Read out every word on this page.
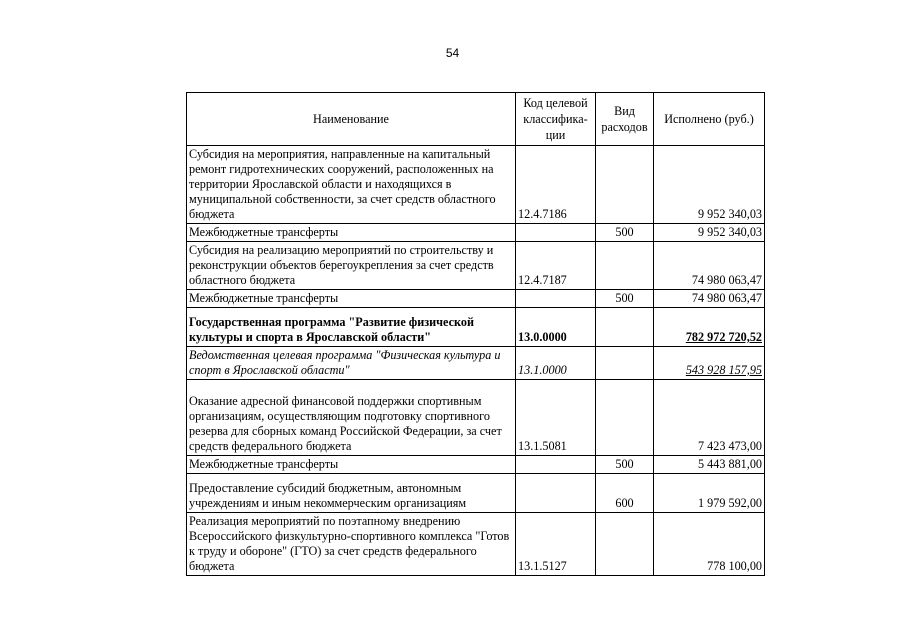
54
Наименование	Код целевой классифика-ции	Вид расходов	Исполнено (руб.)
Субсидия на мероприятия, направленные на капитальный ремонт гидротехнических сооружений, расположенных на территории Ярославской области и находящихся в муниципальной собственности, за счет средств областного бюджета	12.4.7186		9 952 340,03
Межбюджетные трансферты		500	9 952 340,03
Субсидия на реализацию мероприятий по строительству и реконструкции объектов берегоукрепления за счет средств областного бюджета	12.4.7187		74 980 063,47
Межбюджетные трансферты		500	74 980 063,47
Государственная программа "Развитие физической культуры и спорта в Ярославской области"	13.0.0000		782 972 720,52
Ведомственная целевая программа "Физическая культура и спорт в Ярославской области"	13.1.0000		543 928 157,95
Оказание адресной финансовой поддержки спортивным организациям, осуществляющим подготовку спортивного резерва для сборных команд Российской Федерации, за счет средств федерального бюджета	13.1.5081		7 423 473,00
Межбюджетные трансферты		500	5 443 881,00
Предоставление субсидий бюджетным, автономным учреждениям и иным некоммерческим организациям		600	1 979 592,00
Реализация мероприятий по поэтапному внедрению Всероссийского физкультурно-спортивного комплекса "Готов к труду и обороне" (ГТО) за счет средств федерального бюджета	13.1.5127		778 100,00
